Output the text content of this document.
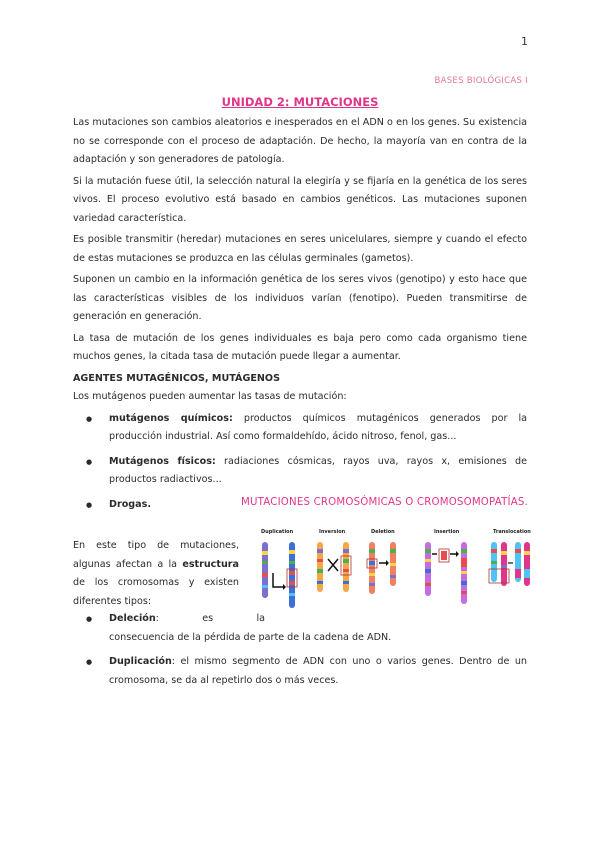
1
BASES BIOLÓGICAS I
UNIDAD 2: MUTACIONES

Las mutaciones son cambios aleatorios e inesperados en el ADN o en los genes. Su existencia no se corresponde con el proceso de adaptación. De hecho, la mayoría van en contra de la adaptación y son generadores de patología.

Si la mutación fuese útil, la selección natural la elegiría y se fijaría en la genética de los seres vivos. El proceso evolutivo está basado en cambios genéticos. Las mutaciones suponen variedad característica.

Es posible transmitir (heredar) mutaciones en seres unicelulares, siempre y cuando el efecto de estas mutaciones se produzca en las células germinales (gametos).

Suponen un cambio en la información genética de los seres vivos (genotipo) y esto hace que las características visibles de los individuos varían (fenotipo). Pueden transmitirse de generación en generación.

La tasa de mutación de los genes individuales es baja pero como cada organismo tiene muchos genes, la citada tasa de mutación puede llegar a aumentar.

AGENTES MUTAGÉNICOS, MUTÁGENOS

Los mutágenos pueden aumentar las tasas de mutación:

● mutágenos químicos: productos químicos mutagénicos generados por la producción industrial. Así como formaldehído, ácido nitroso, fenol, gas...
● Mutágenos físicos: radiaciones cósmicas, rayos uva, rayos x, emisiones de productos radiactivos...
● Drogas.	MUTACIONES CROMOSÓMICAS O CROMOSOMOPATÍAS.
Duplication	Inversion	Deletion	Insertion	Translocation
En este tipo de mutaciones, algunas afectan a la estructura de los cromosomas y existen diferentes tipos:
● Deleción:	es	la
consecuencia de la pérdida de parte de la cadena de ADN.
● Duplicación: el mismo segmento de ADN con uno o varios genes. Dentro de un cromosoma, se da al repetirlo dos o más veces.
